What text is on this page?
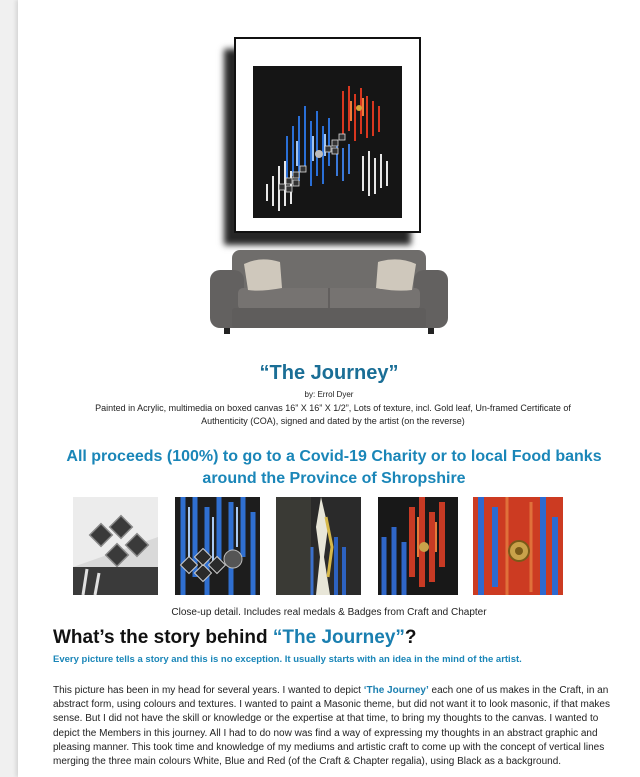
“The Journey”
by: Errol Dyer
Painted in Acrylic, multimedia on boxed canvas 16” X 16” X 1/2”, Lots of texture, incl. Gold leaf, Un-framed Certificate of Authenticity (COA), signed and dated by the artist (on the reverse)
All proceeds (100%) to go to a Covid-19 Charity or to local Food banks
around the Province of Shropshire
Close-up detail. Includes real medals & Badges from Craft and Chapter
What’s the story behind “The Journey”?
Every picture tells a story and this is no exception. It usually starts with an idea in the mind of the artist.
This picture has been in my head for several years. I wanted to depict ‘The Journey’ each one of us makes in the Craft, in an abstract form, using colours and textures. I wanted to paint a Masonic theme, but did not want it to look masonic, if that makes sense. But I did not have the skill or knowledge or the expertise at that time, to bring my thoughts to the canvas. I wanted to depict the Members in this journey. All I had to do now was find a way of expressing my thoughts in an abstract graphic and pleasing manner. This took time and knowledge of my mediums and artistic craft to come up with the concept of vertical lines merging the three main colours White, Blue and Red (of the Craft & Chapter regalia), using Black as a background.
